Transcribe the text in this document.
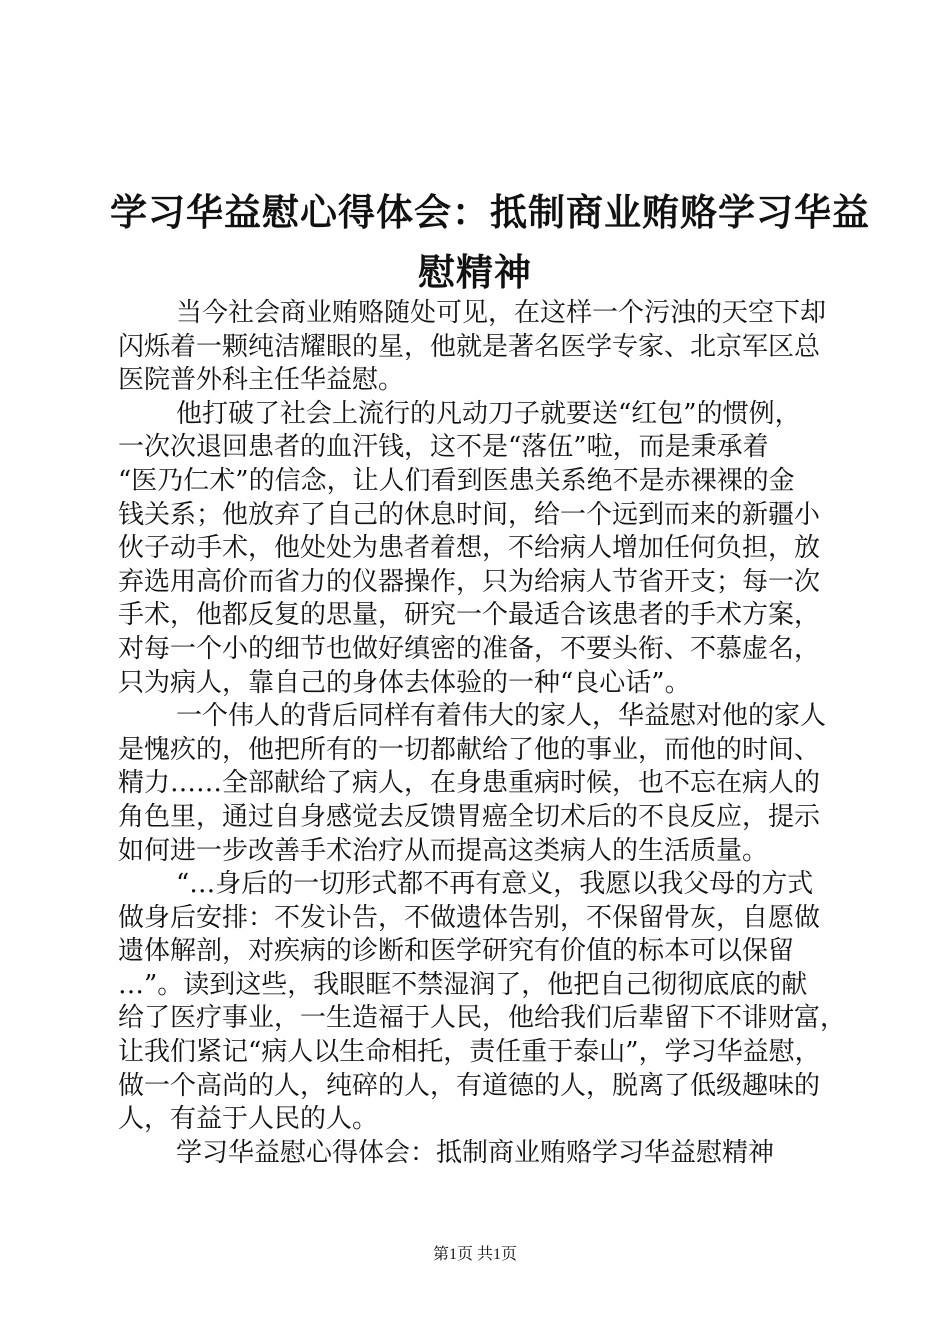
学习华益慰心得体会：抵制商业贿赂学习华益
慰精神
当今社会商业贿赂随处可见，在这样一个污浊的天空下却
闪烁着一颗纯洁耀眼的星，他就是著名医学专家、北京军区总
医院普外科主任华益慰。
他打破了社会上流行的凡动刀子就要送“红包”的惯例，
一次次退回患者的血汗钱，这不是“落伍”啦，而是秉承着
“医乃仁术”的信念，让人们看到医患关系绝不是赤裸裸的金
钱关系；他放弃了自己的休息时间，给一个远到而来的新疆小
伙子动手术，他处处为患者着想，不给病人增加任何负担，放
弃选用高价而省力的仪器操作，只为给病人节省开支；每一次
手术，他都反复的思量，研究一个最适合该患者的手术方案，
对每一个小的细节也做好缜密的准备，不要头衔、不慕虚名，
只为病人，靠自己的身体去体验的一种“良心话”。
一个伟人的背后同样有着伟大的家人，华益慰对他的家人
是愧疚的，他把所有的一切都献给了他的事业，而他的时间、
精力……全部献给了病人，在身患重病时候，也不忘在病人的
角色里，通过自身感觉去反馈胃癌全切术后的不良反应，提示
如何进一步改善手术治疗从而提高这类病人的生活质量。
“…身后的一切形式都不再有意义，我愿以我父母的方式
做身后安排：不发讣告，不做遗体告别，不保留骨灰，自愿做
遗体解剖，对疾病的诊断和医学研究有价值的标本可以保留
…”。读到这些，我眼眶不禁湿润了，他把自己彻彻底底的献
给了医疗事业，一生造福于人民，他给我们后辈留下不诽财富，
让我们紧记“病人以生命相托，责任重于泰山”，学习华益慰，
做一个高尚的人，纯碎的人，有道德的人，脱离了低级趣味的
人，有益于人民的人。
学习华益慰心得体会：抵制商业贿赂学习华益慰精神
第1页 共1页
